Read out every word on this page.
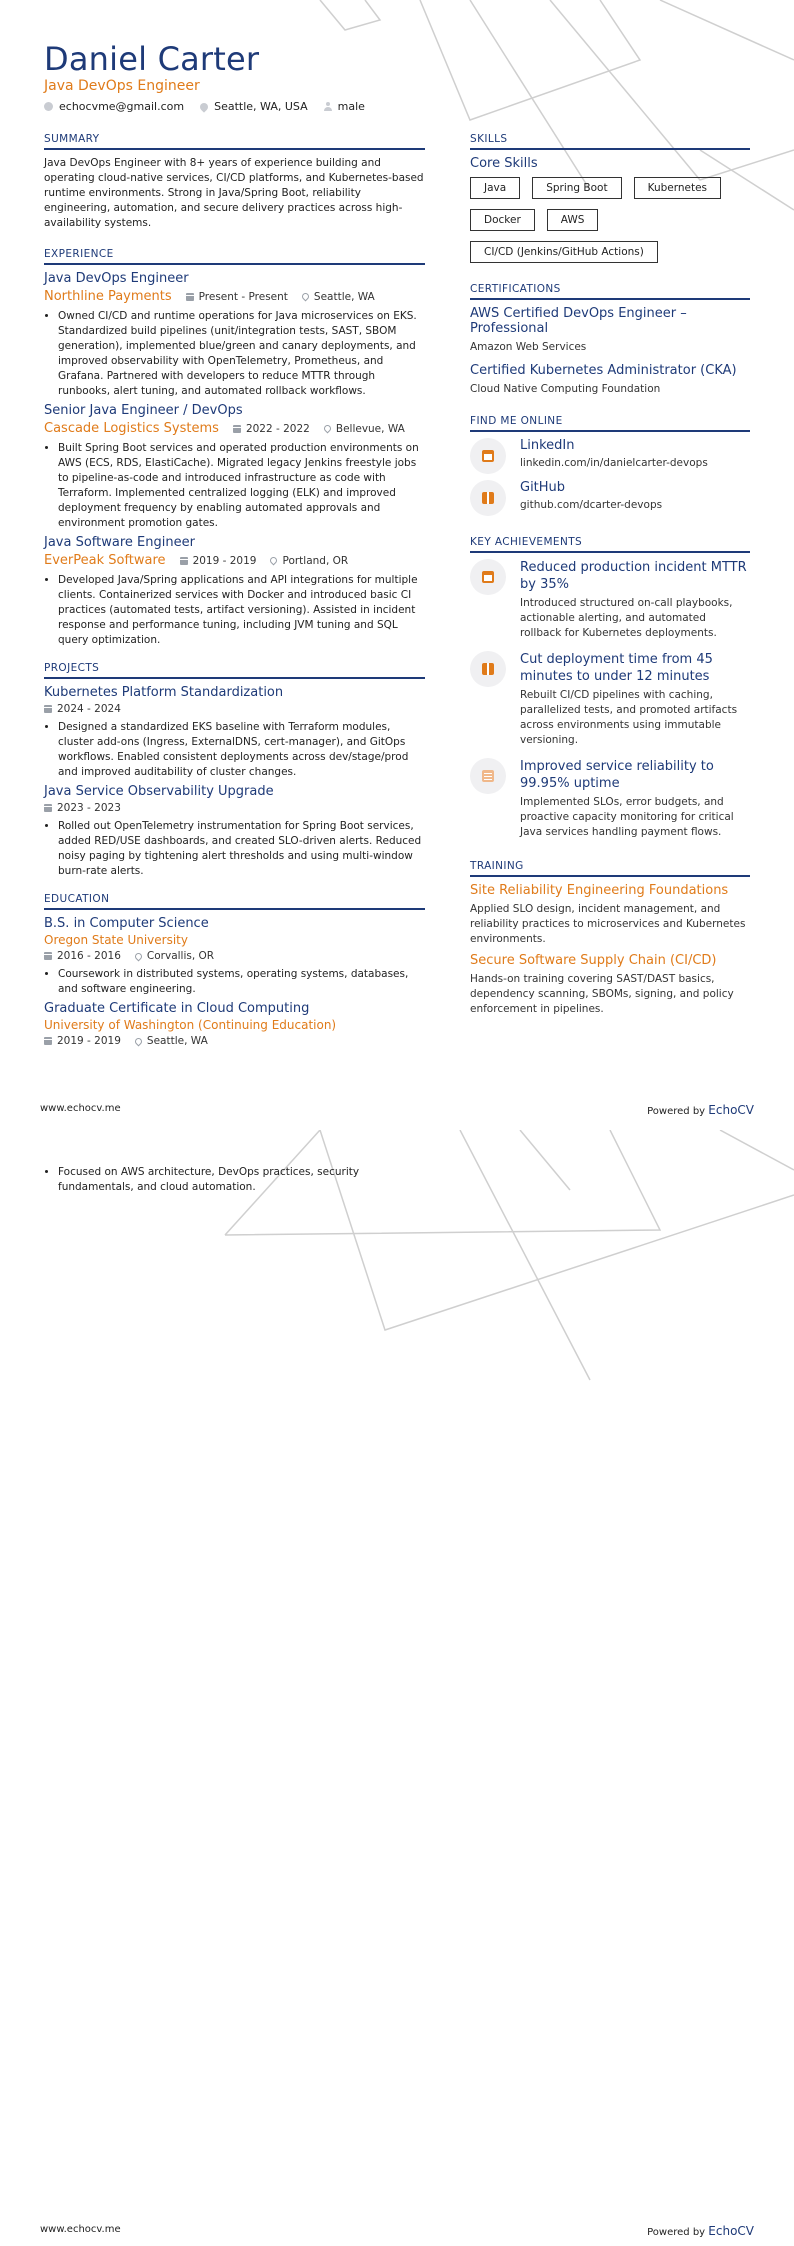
Daniel Carter
Java DevOps Engineer
echocvme@gmail.com	Seattle, WA, USA	male
SUMMARY
Java DevOps Engineer with 8+ years of experience building and operating cloud-native services, CI/CD platforms, and Kubernetes-based runtime environments. Strong in Java/Spring Boot, reliability engineering, automation, and secure delivery practices across high-availability systems.
EXPERIENCE
Java DevOps Engineer
Northline Payments	Present - Present Seattle, WA
• Owned CI/CD and runtime operations for Java microservices on EKS. Standardized build pipelines (unit/integration tests, SAST, SBOM generation), implemented blue/green and canary deployments, and improved observability with OpenTelemetry, Prometheus, and Grafana. Partnered with developers to reduce MTTR through runbooks, alert tuning, and automated rollback workflows.
Senior Java Engineer / DevOps
Cascade Logistics Systems	2022 - 2022 Bellevue, WA
• Built Spring Boot services and operated production environments on AWS (ECS, RDS, ElastiCache). Migrated legacy Jenkins freestyle jobs to pipeline-as-code and introduced infrastructure as code with Terraform. Implemented centralized logging (ELK) and improved deployment frequency by enabling automated approvals and environment promotion gates.
Java Software Engineer
EverPeak Software	2019 - 2019 Portland, OR
• Developed Java/Spring applications and API integrations for multiple clients. Containerized services with Docker and introduced basic CI practices (automated tests, artifact versioning). Assisted in incident response and performance tuning, including JVM tuning and SQL query optimization.
PROJECTS
Kubernetes Platform Standardization
2024 - 2024
• Designed a standardized EKS baseline with Terraform modules, cluster add-ons (Ingress, ExternalDNS, cert-manager), and GitOps workflows. Enabled consistent deployments across dev/stage/prod and improved auditability of cluster changes.
Java Service Observability Upgrade
2023 - 2023
• Rolled out OpenTelemetry instrumentation for Spring Boot services, added RED/USE dashboards, and created SLO-driven alerts. Reduced noisy paging by tightening alert thresholds and using multi-window burn-rate alerts.
EDUCATION
B.S. in Computer Science
Oregon State University
2016 - 2016 Corvallis, OR
• Coursework in distributed systems, operating systems, databases, and software engineering.
Graduate Certificate in Cloud Computing
University of Washington (Continuing Education)
2019 - 2019 Seattle, WA
SKILLS
Core Skills
Java	Spring Boot	Kubernetes
Docker	AWS
CI/CD (Jenkins/GitHub Actions)
CERTIFICATIONS
AWS Certified DevOps Engineer – Professional
Amazon Web Services
Certified Kubernetes Administrator (CKA)
Cloud Native Computing Foundation
FIND ME ONLINE
LinkedIn
linkedin.com/in/danielcarter-devops
GitHub
github.com/dcarter-devops
KEY ACHIEVEMENTS
Reduced production incident MTTR by 35%
Introduced structured on-call playbooks, actionable alerting, and automated rollback for Kubernetes deployments.
Cut deployment time from 45 minutes to under 12 minutes
Rebuilt CI/CD pipelines with caching, parallelized tests, and promoted artifacts across environments using immutable versioning.
Improved service reliability to 99.95% uptime
Implemented SLOs, error budgets, and proactive capacity monitoring for critical Java services handling payment flows.
TRAINING
Site Reliability Engineering Foundations
Applied SLO design, incident management, and reliability practices to microservices and Kubernetes environments.
Secure Software Supply Chain (CI/CD)
Hands-on training covering SAST/DAST basics, dependency scanning, SBOMs, signing, and policy enforcement in pipelines.
www.echocv.me	Powered by EchoCV
• Focused on AWS architecture, DevOps practices, security fundamentals, and cloud automation.
www.echocv.me	Powered by EchoCV
